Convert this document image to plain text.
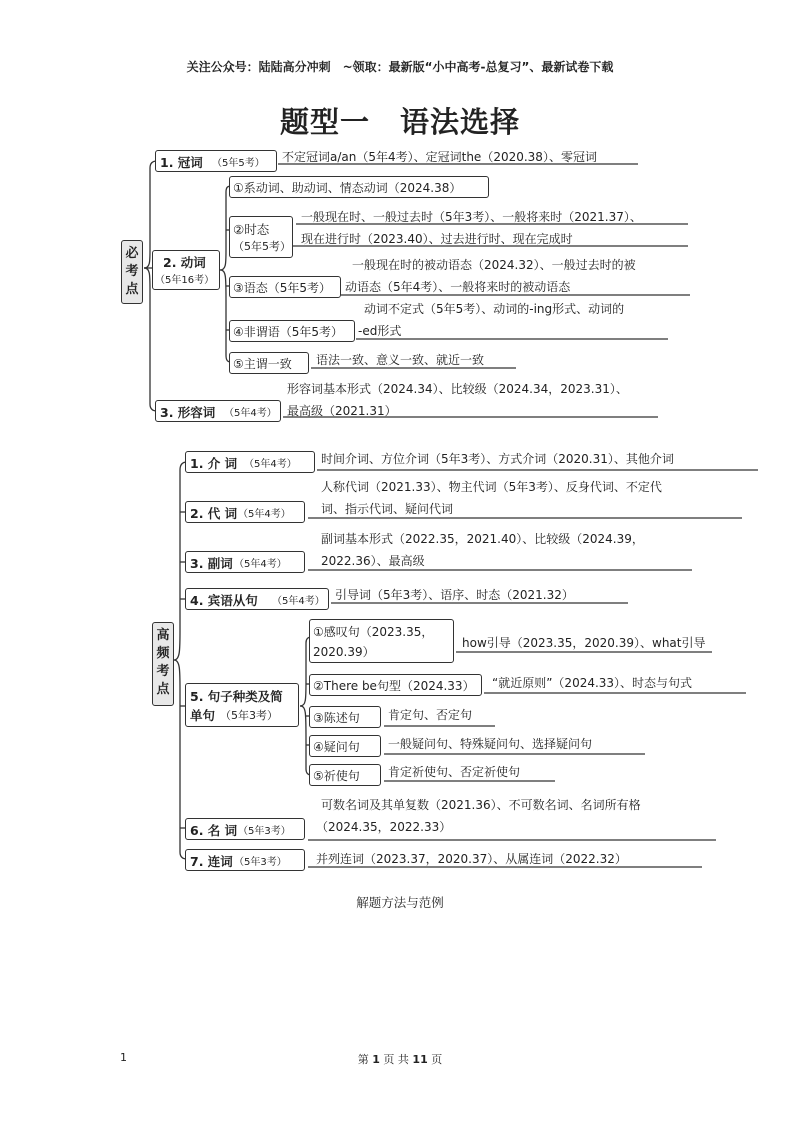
关注公众号：陆陆高分冲刺　~领取：最新版“小中高考-总复习”、最新试卷下载
题型一　语法选择
必
考
点
1. 冠词 （5年5考） 不定冠词a/an（5年4考）、定冠词the（2020.38）、零冠词
2. 动词
（5年16考）
①系动词、助动词、情态动词（2024.38）
②时态
（5年5考）
一般现在时、一般过去时（5年3考）、一般将来时（2021.37）、
现在进行时（2023.40）、过去进行时、现在完成时
③语态（5年5考）
一般现在时的被动语态（2024.32）、一般过去时的被
动语态（5年4考）、一般将来时的被动语态
④非谓语（5年5考）
动词不定式（5年5考）、动词的-ing形式、动词的
-ed形式
⑤主谓一致 语法一致、意义一致、就近一致
3. 形容词 （5年4考）
形容词基本形式（2024.34）、比较级（2024.34，2023.31）、
最高级（2021.31）
高
频
考
点
1. 介 词 （5年4考） 时间介词、方位介词（5年3考）、方式介词（2020.31）、其他介词
2. 代 词 （5年4考）
人称代词（2021.33）、物主代词（5年3考）、反身代词、不定代
词、指示代词、疑问代词
3. 副词 （5年4考）
副词基本形式（2022.35，2021.40）、比较级（2024.39，
2022.36）、最高级
4. 宾语从句 （5年4考） 引导词（5年3考）、语序、时态（2021.32）
5. 句子种类及简
单句 （5年3考）
①感叹句（2023.35，
2020.39）
how引导（2023.35，2020.39）、what引导
②There be句型（2024.33） “就近原则”（2024.33）、时态与句式
③陈述句 肯定句、否定句
④疑问句 一般疑问句、特殊疑问句、选择疑问句
⑤祈使句 肯定祈使句、否定祈使句
6. 名 词 （5年3考）
可数名词及其单复数（2021.36）、不可数名词、名词所有格
（2024.35，2022.33）
7. 连词 （5年3考） 并列连词（2023.37，2020.37）、从属连词（2022.32）
解题方法与范例
1	第 1 页 共 11 页
